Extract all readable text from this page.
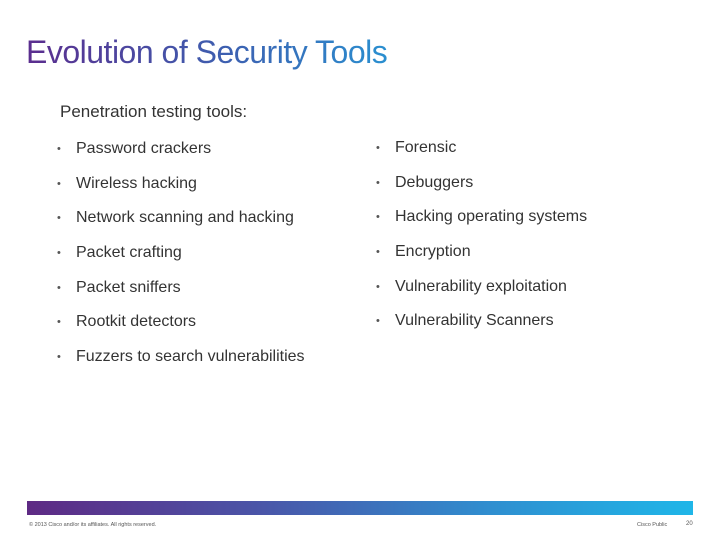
Evolution of Security Tools
Penetration testing tools:
• Password crackers
• Wireless hacking
• Network scanning and hacking
• Packet crafting
• Packet sniffers
• Rootkit detectors
• Fuzzers to search vulnerabilities
• Forensic
• Debuggers
• Hacking operating systems
• Encryption
• Vulnerability exploitation
• Vulnerability Scanners
© 2013 Cisco and/or its affiliates. All rights reserved.	Cisco Public	20
